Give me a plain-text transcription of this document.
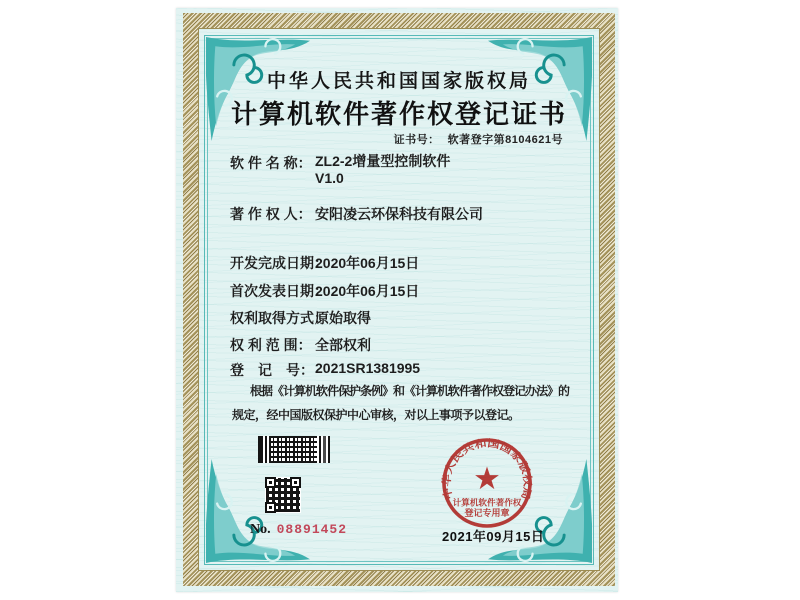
中华人民共和国国家版权局
计算机软件著作权登记证书
证书号： 软著登字第8104621号
软 件 名 称： ZL2-2增量型控制软件
V1.0
著 作 权 人： 安阳凌云环保科技有限公司
开发完成日期：
2020年06月15日
首次发表日期：
2020年06月15日
权利取得方式：
原始取得
权 利 范 围： 全部权利
登　记　号： 2021SR1381995
根据《计算机软件保护条例》和《计算机软件著作权登记办法》的
规定，经中国版权保护中心审核，对以上事项予以登记。
No. 08891452
中华人民共和国国家版权局
计算机软件著作权
登记专用章
2021年09月15日
